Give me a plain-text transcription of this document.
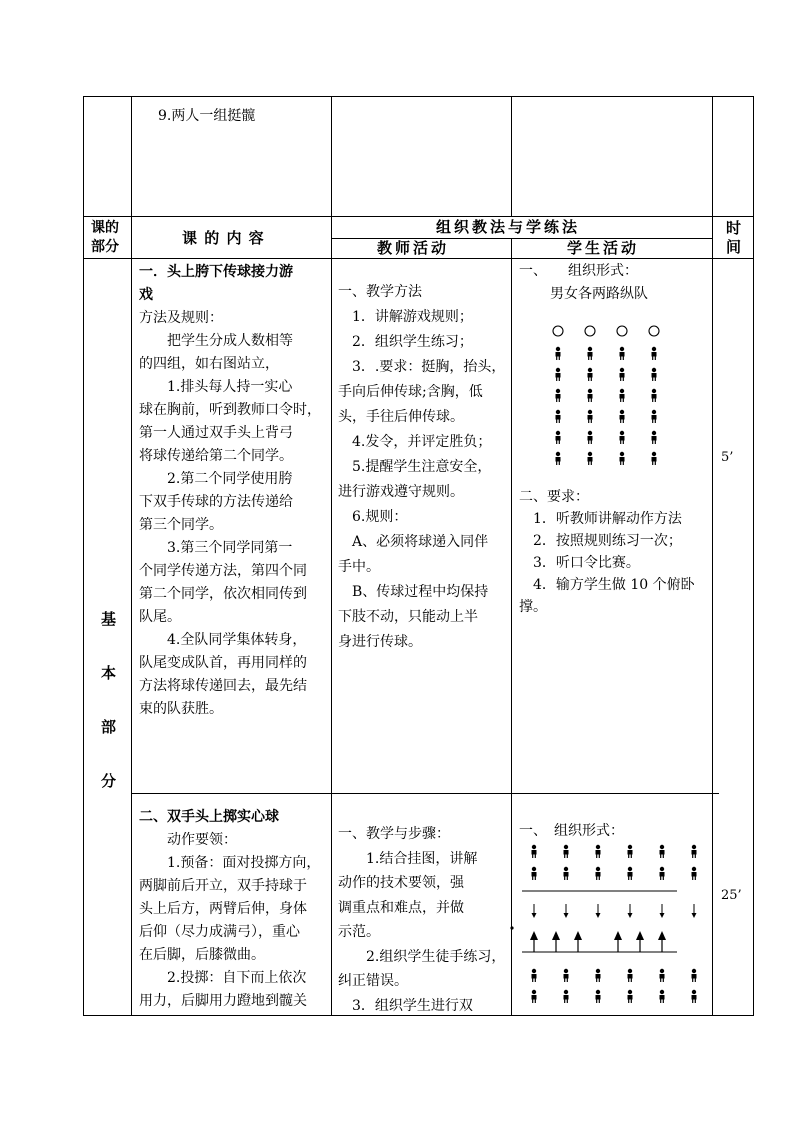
9.两人一组挺髋
课的
部分	课 的 内 容
组织教法与学练法
教师活动	学生活动
时
间
基
本
部
分
一．头上胯下传球接力游
戏
方法及规则：
　　把学生分成人数相等
的四组，如右图站立，
　　1.排头每人持一实心
球在胸前，听到教师口令时，
第一人通过双手头上背弓
将球传递给第二个同学。
　　2.第二个同学使用胯
下双手传球的方法传递给
第三个同学。
　　3.第三个同学同第一
个同学传递方法，第四个同
第二个同学，依次相同传到
队尾。
　　4.全队同学集体转身，
队尾变成队首，再用同样的
方法将球传递回去，最先结
束的队获胜。
一、教学方法
　1．讲解游戏规则；
　2．组织学生练习；
　3．.要求：挺胸，抬头，
手向后伸传球;含胸，低
头，手往后伸传球。
　4.发令，并评定胜负；
　5.提醒学生注意安全，
进行游戏遵守规则。
　6.规则：
　A、必须将球递入同伴
手中。
　B、传球过程中均保持
下肢不动，只能动上半
身进行传球。
一、　　组织形式：
男女各两路纵队
二、要求：
　1．听教师讲解动作方法
　2．按照规则练习一次；
　3．听口令比赛。
　4．输方学生做 10 个俯卧
撑。
5’
二、双手头上掷实心球
　　动作要领：
　　1.预备：面对投掷方向，
两脚前后开立，双手持球于
头上后方，两臂后伸，身体
后仰（尽力成满弓），重心
在后脚，后膝微曲。
　　2.投掷：自下而上依次
用力，后脚用力蹬地到髋关
一、教学与步骤：
　　1.结合挂图，讲解
动作的技术要领，强
调重点和难点，并做
示范。
　　2.组织学生徒手练习，
纠正错误。
　3．组织学生进行双
一、　组织形式：
25’
